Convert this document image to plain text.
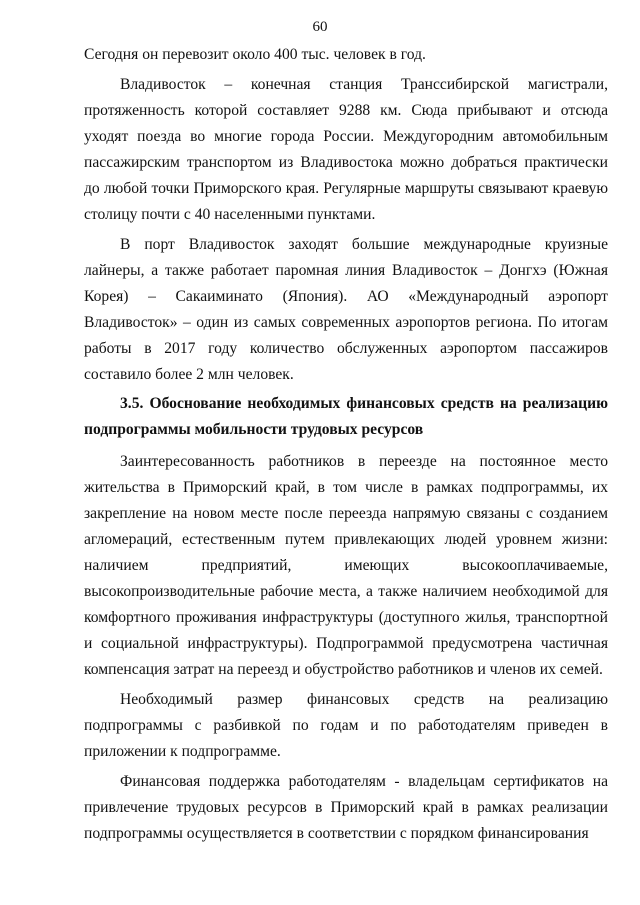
60

Сегодня он перевозит около 400 тыс. человек в год.

Владивосток – конечная станция Транссибирской магистрали, протяженность которой составляет 9288 км. Сюда прибывают и отсюда уходят поезда во многие города России. Междугородним автомобильным пассажирским транспортом из Владивостока можно добраться практически до любой точки Приморского края. Регулярные маршруты связывают краевую столицу почти с 40 населенными пунктами.

В порт Владивосток заходят большие международные круизные лайнеры, а также работает паромная линия Владивосток – Донгхэ (Южная Корея) – Сакаиминато (Япония). АО «Международный аэропорт Владивосток» – один из самых современных аэропортов региона. По итогам работы в 2017 году количество обслуженных аэропортом пассажиров составило более 2 млн человек.

3.5. Обоснование необходимых финансовых средств на реализацию подпрограммы мобильности трудовых ресурсов

Заинтересованность работников в переезде на постоянное место жительства в Приморский край, в том числе в рамках подпрограммы, их закрепление на новом месте после переезда напрямую связаны с созданием агломераций, естественным путем привлекающих людей уровнем жизни: наличием предприятий, имеющих высокооплачиваемые, высокопроизводительные рабочие места, а также наличием необходимой для комфортного проживания инфраструктуры (доступного жилья, транспортной и социальной инфраструктуры). Подпрограммой предусмотрена частичная компенсация затрат на переезд и обустройство работников и членов их семей.

Необходимый размер финансовых средств на реализацию подпрограммы с разбивкой по годам и по работодателям приведен в приложении к подпрограмме.

Финансовая поддержка работодателям - владельцам сертификатов на привлечение трудовых ресурсов в Приморский край в рамках реализации подпрограммы осуществляется в соответствии с порядком финансирования
